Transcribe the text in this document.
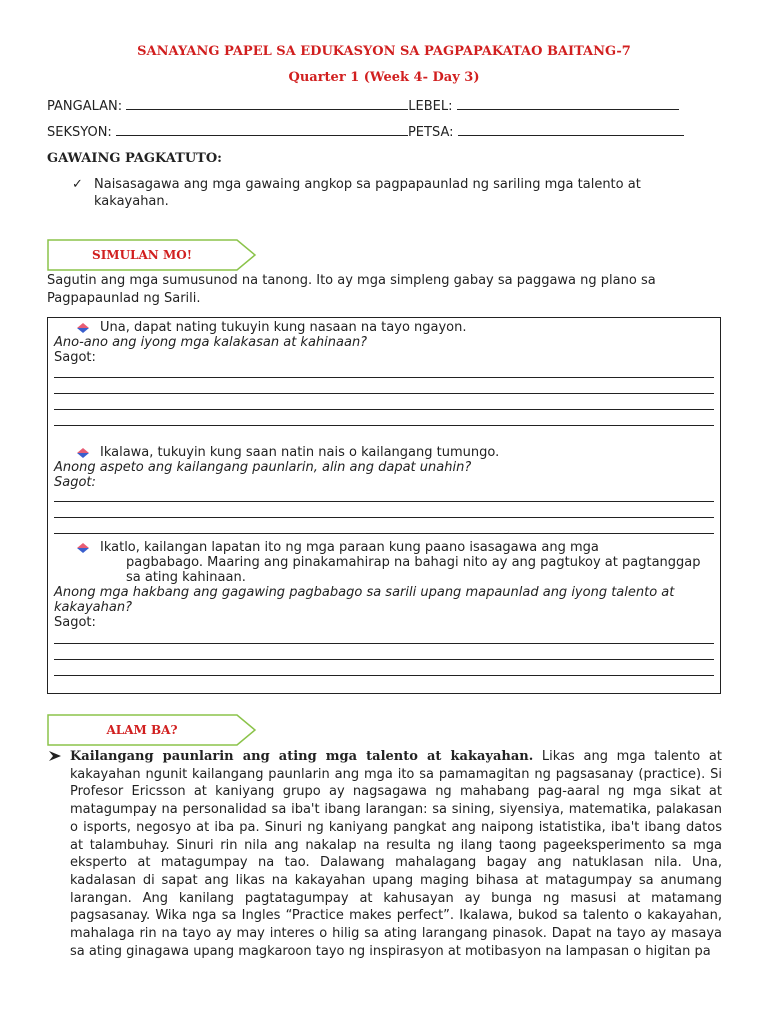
SANAYANG PAPEL SA EDUKASYON SA PAGPAPAKATAO BAITANG-7
Quarter 1 (Week 4- Day 3)
PANGALAN:	LEBEL:
SEKSYON:	PETSA:
GAWAING PAGKATUTO:
✓ Naisasagawa ang mga gawaing angkop sa pagpapaunlad ng sariling mga talento at kakayahan.
SIMULAN MO!
Sagutin ang mga sumusunod na tanong. Ito ay mga simpleng gabay sa paggawa ng plano sa Pagpapaunlad ng Sarili.
Una, dapat nating tukuyin kung nasaan na tayo ngayon.
Ano-ano ang iyong mga kalakasan at kahinaan?
Sagot:
Ikalawa, tukuyin kung saan natin nais o kailangang tumungo.
Anong aspeto ang kailangang paunlarin, alin ang dapat unahin?
Sagot:
Ikatlo, kailangan lapatan ito ng mga paraan kung paano isasagawa ang mga
pagbabago. Maaring ang pinakamahirap na bahagi nito ay ang pagtukoy at pagtanggap sa ating kahinaan.
Anong mga hakbang ang gagawing pagbabago sa sarili upang mapaunlad ang iyong talento at kakayahan?
Sagot:
ALAM BA?
Kailangang paunlarin ang ating mga talento at kakayahan. Likas ang mga talento at kakayahan ngunit kailangang paunlarin ang mga ito sa pamamagitan ng pagsasanay (practice). Si Profesor Ericsson at kaniyang grupo ay nagsagawa ng mahabang pag-aaral ng mga sikat at matagumpay na personalidad sa iba't ibang larangan: sa sining, siyensiya, matematika, palakasan o isports, negosyo at iba pa. Sinuri ng kaniyang pangkat ang naipong istatistika, iba't ibang datos at talambuhay. Sinuri rin nila ang nakalap na resulta ng ilang taong pageeksperimento sa mga eksperto at matagumpay na tao. Dalawang mahalagang bagay ang natuklasan nila. Una, kadalasan di sapat ang likas na kakayahan upang maging bihasa at matagumpay sa anumang larangan. Ang kanilang pagtatagumpay at kahusayan ay bunga ng masusi at matamang pagsasanay. Wika nga sa Ingles “Practice makes perfect”. Ikalawa, bukod sa talento o kakayahan, mahalaga rin na tayo ay may interes o hilig sa ating larangang pinasok. Dapat na tayo ay masaya sa ating ginagawa upang magkaroon tayo ng inspirasyon at motibasyon na lampasan o higitan pa
